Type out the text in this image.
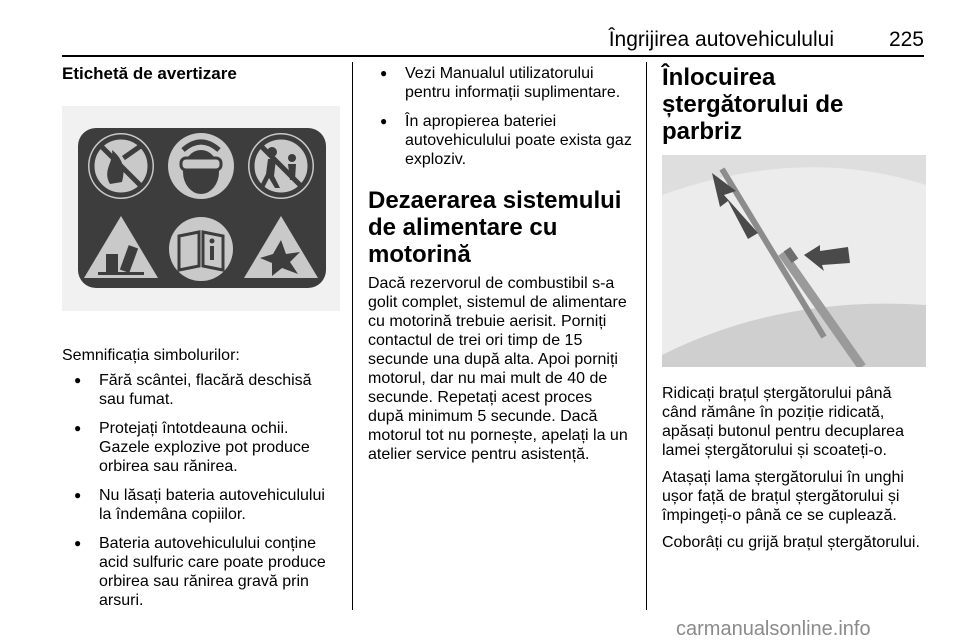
Îngrijirea autovehiculului	225
Etichetă de avertizare

Semnificația simbolurilor:

● Fără scântei, flacără deschisă sau fumat.
● Protejați întotdeauna ochii. Gazele explozive pot produce orbirea sau rănirea.
● Nu lăsați bateria autovehiculului la îndemâna copiilor.
● Bateria autovehiculului conține acid sulfuric care poate produce orbirea sau rănirea gravă prin arsuri.
● Vezi Manualul utilizatorului pentru informații suplimentare.
● În apropierea bateriei autovehiculului poate exista gaz exploziv.
Dezaerarea sistemului de alimentare cu motorină

Dacă rezervorul de combustibil s-a golit complet, sistemul de alimentare cu motorină trebuie aerisit. Porniți contactul de trei ori timp de 15 secunde una după alta. Apoi porniți motorul, dar nu mai mult de 40 de secunde. Repetați acest proces după minimum 5 secunde. Dacă motorul tot nu pornește, apelați la un atelier service pentru asistență.

Înlocuirea ștergătorului de parbriz

Ridicați brațul ștergătorului până când rămâne în poziție ridicată, apăsați butonul pentru decuplarea lamei ștergătorului și scoateți-o.

Atașați lama ștergătorului în unghi ușor față de brațul ștergătorului și împingeți-o până ce se cuplează.

Coborâți cu grijă brațul ștergătorului.

carmanualsonline.info
